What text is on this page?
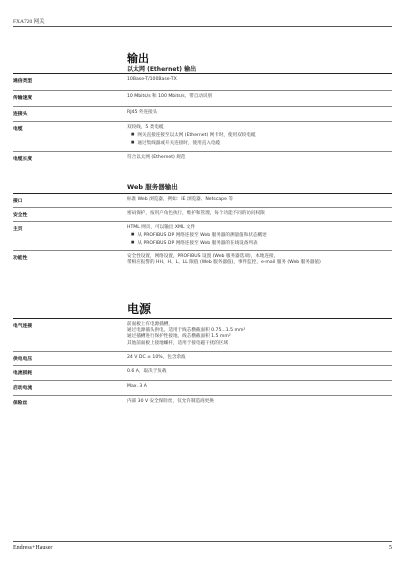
FXA720 网关
输出
以太网 (Ethernet) 输出
通信类型	10Base-T/100Base-TX
传输速度	10 Mbits/s 和 100 Mbits/s，带自动识别
连接头	RJ45 外连接头
电缆	双绞线，5 类电缆
■ 网关直接连接至以太网 (Ethernet) 网卡时，使用双绞电缆
■ 通过集线器或开关连接时，使用直入电缆
电缆长度	符合以太网 (Ethernet) 规范
Web 服务器输出
接口	标准 Web 浏览器，例如：IE 浏览器、Netscape 等
安全性	密码保护，按用户角色执行，维护和管理，每个功能不同的访问权限
主页	HTML 网页，可以输出 XML 文件
■ 从 PROFIBUS DP 网络连接至 Web 服务器的测量值和状态概述
■ 从 PROFIBUS DP 网络连接至 Web 服务器的在线设备列表
功能性	安全性设置，网络设置，PROFIBUS 设置 (Web 服务器选项)，本地连接，
带相应报警的 HH、H、L、LL 限值 (Web 服务器值)，事件监控，e-mail 服务 (Web 服务器值)
电源
电气连接	前面板上有电源插槽，
通过电源插头供电，适用于线芯横截面积 0.75...1.5 mm²
通过插槽进行保护性接地，线芯横截面积 1.5 mm²
其他前面板上接地螺杆，适用于接电磁干扰的区域
供电电压	24 V DC ± 10%，包含余波
电流损耗	0.6 A，取决于负载
启动电流	Max. 3 A
保险丝	内部 30 V 安全保险丝，仅允许制造商更换
Endress+Hauser	5
